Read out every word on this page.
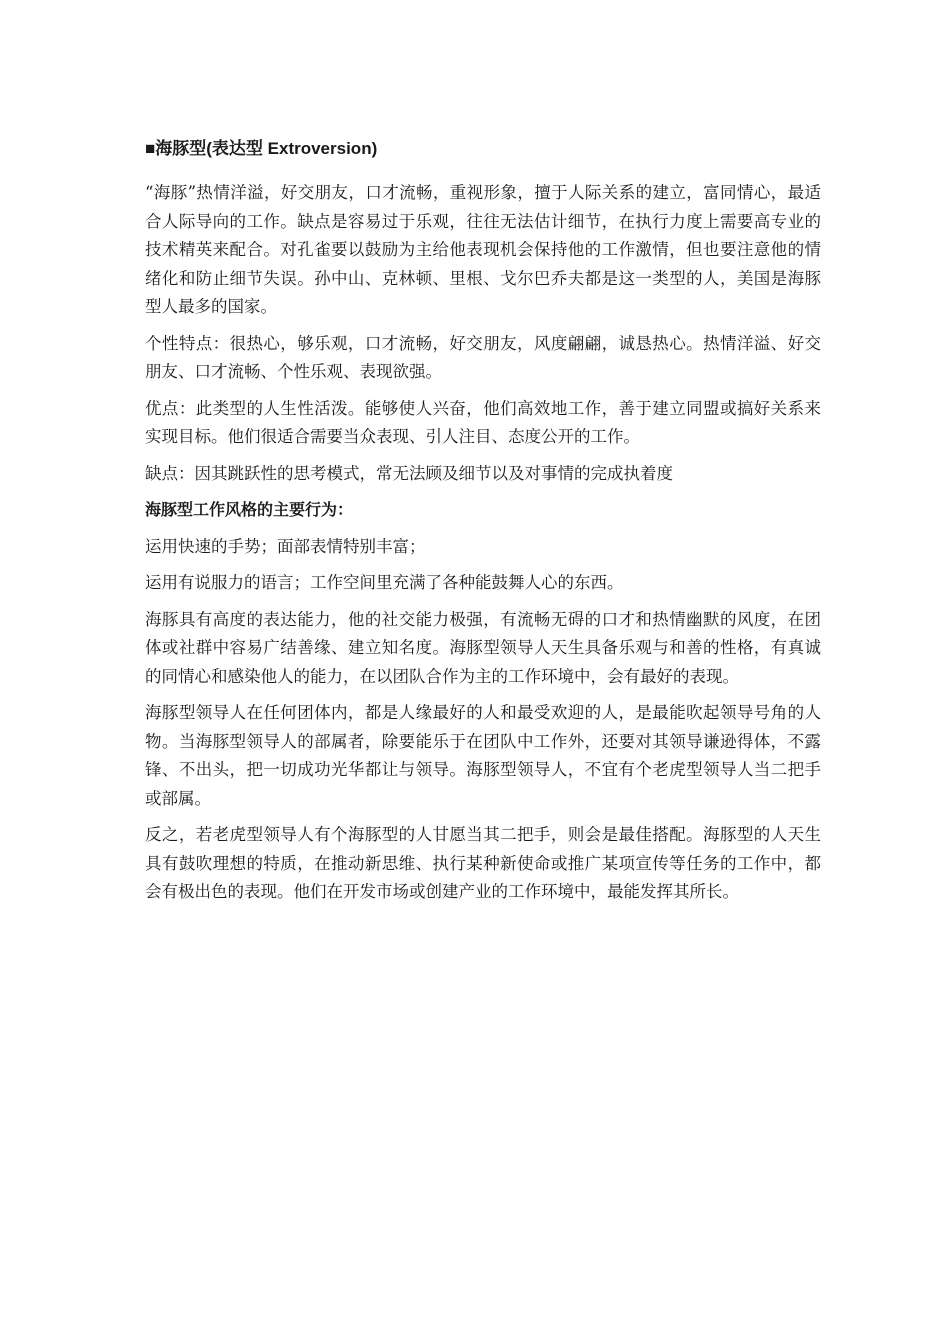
■海豚型(表达型 Extroversion)

“海豚”热情洋溢，好交朋友，口才流畅，重视形象，擅于人际关系的建立，富同情心，最适合人际导向的工作。缺点是容易过于乐观，往往无法估计细节，在执行力度上需要高专业的技术精英来配合。对孔雀要以鼓励为主给他表现机会保持他的工作激情，但也要注意他的情绪化和防止细节失误。孙中山、克林顿、里根、戈尔巴乔夫都是这一类型的人，美国是海豚型人最多的国家。

个性特点：很热心，够乐观，口才流畅，好交朋友，风度翩翩，诚恳热心。热情洋溢、好交朋友、口才流畅、个性乐观、表现欲强。

优点：此类型的人生性活泼。能够使人兴奋，他们高效地工作，善于建立同盟或搞好关系来实现目标。他们很适合需要当众表现、引人注目、态度公开的工作。

缺点：因其跳跃性的思考模式，常无法顾及细节以及对事情的完成执着度

海豚型工作风格的主要行为：

运用快速的手势；面部表情特别丰富；

运用有说服力的语言；工作空间里充满了各种能鼓舞人心的东西。

海豚具有高度的表达能力，他的社交能力极强，有流畅无碍的口才和热情幽默的风度，在团体或社群中容易广结善缘、建立知名度。海豚型领导人天生具备乐观与和善的性格，有真诚的同情心和感染他人的能力，在以团队合作为主的工作环境中，会有最好的表现。

海豚型领导人在任何团体内，都是人缘最好的人和最受欢迎的人，是最能吹起领导号角的人物。当海豚型领导人的部属者，除要能乐于在团队中工作外，还要对其领导谦逊得体，不露锋、不出头，把一切成功光华都让与领导。海豚型领导人，不宜有个老虎型领导人当二把手或部属。

反之，若老虎型领导人有个海豚型的人甘愿当其二把手，则会是最佳搭配。海豚型的人天生具有鼓吹理想的特质，在推动新思维、执行某种新使命或推广某项宣传等任务的工作中，都会有极出色的表现。他们在开发市场或创建产业的工作环境中，最能发挥其所长。
